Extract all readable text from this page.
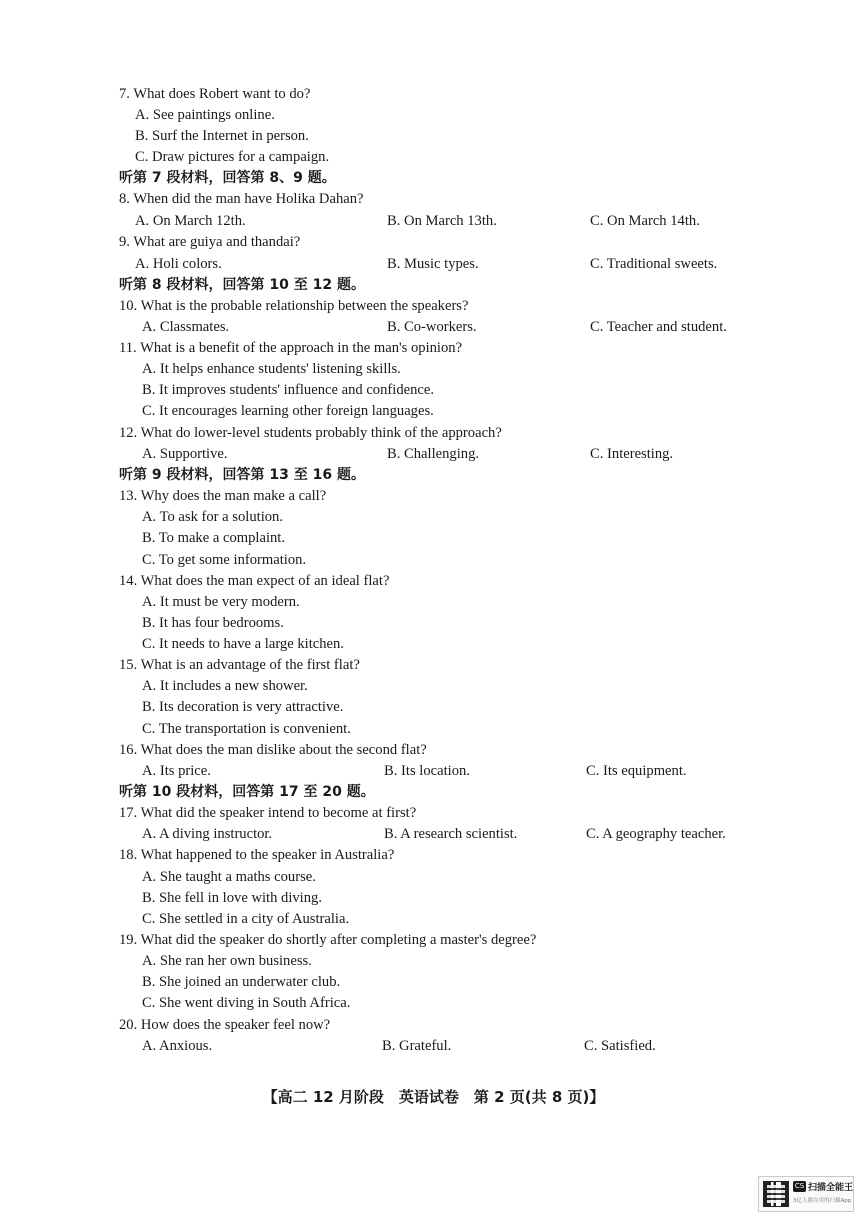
7. What does Robert want to do?
A. See paintings online.
B. Surf the Internet in person.
C. Draw pictures for a campaign.
听第 7 段材料，回答第 8、9 题。
8. When did the man have Holika Dahan?
A. On March 12th.	B. On March 13th.	C. On March 14th.
9. What are guiya and thandai?
A. Holi colors.	B. Music types.	C. Traditional sweets.
听第 8 段材料，回答第 10 至 12 题。
10. What is the probable relationship between the speakers?
A. Classmates.	B. Co-workers.	C. Teacher and student.
11. What is a benefit of the approach in the man's opinion?
A. It helps enhance students' listening skills.
B. It improves students' influence and confidence.
C. It encourages learning other foreign languages.
12. What do lower-level students probably think of the approach?
A. Supportive.	B. Challenging.	C. Interesting.
听第 9 段材料，回答第 13 至 16 题。
13. Why does the man make a call?
A. To ask for a solution.
B. To make a complaint.
C. To get some information.
14. What does the man expect of an ideal flat?
A. It must be very modern.
B. It has four bedrooms.
C. It needs to have a large kitchen.
15. What is an advantage of the first flat?
A. It includes a new shower.
B. Its decoration is very attractive.
C. The transportation is convenient.
16. What does the man dislike about the second flat?
A. Its price.	B. Its location.	C. Its equipment.
听第 10 段材料，回答第 17 至 20 题。
17. What did the speaker intend to become at first?
A. A diving instructor.	B. A research scientist.	C. A geography teacher.
18. What happened to the speaker in Australia?
A. She taught a maths course.
B. She fell in love with diving.
C. She settled in a city of Australia.
19. What did the speaker do shortly after completing a master's degree?
A. She ran her own business.
B. She joined an underwater club.
C. She went diving in South Africa.
20. How does the speaker feel now?
A. Anxious.	B. Grateful.	C. Satisfied.
【高二 12 月阶段　英语试卷　第 2 页(共 8 页)】
CS 扫描全能王
3亿人都在用的扫描App
